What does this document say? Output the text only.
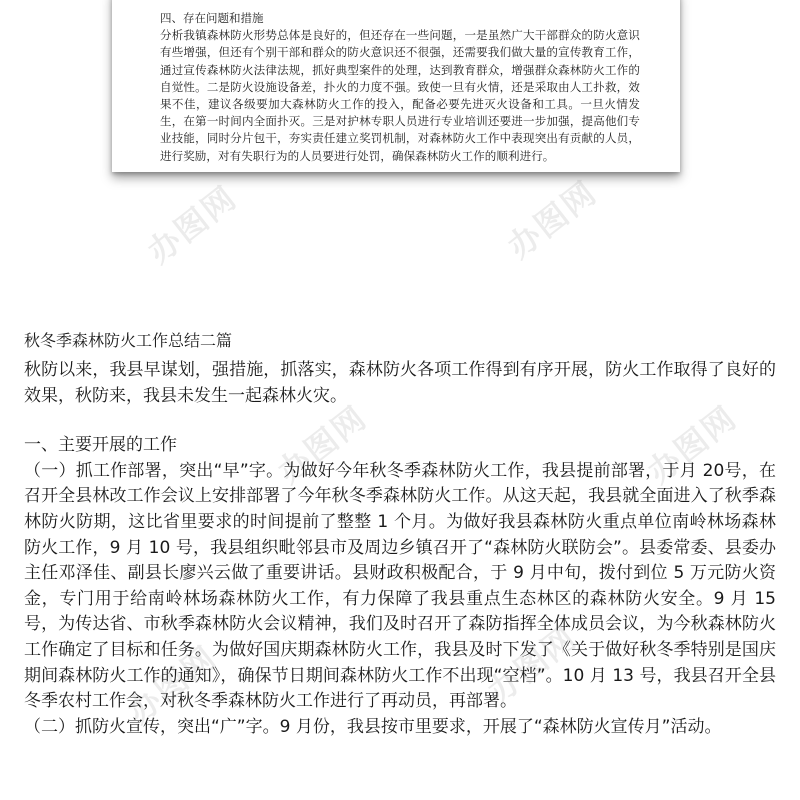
办图网	办图网
办图网	办图网
办图网	办图网
四、存在问题和措施
分析我镇森林防火形势总体是良好的，但还存在一些问题，一是虽然广大干部群众的防火意识有些增强，但还有个别干部和群众的防火意识还不很强，还需要我们做大量的宣传教育工作，通过宣传森林防火法律法规，抓好典型案件的处理，达到教育群众，增强群众森林防火工作的自觉性。二是防火设施设备差，扑火的力度不强。致使一旦有火情，还是采取由人工扑救，效果不佳，建议各级要加大森林防火工作的投入，配备必要先进灭火设备和工具。一旦火情发生，在第一时间内全面扑灭。三是对护林专职人员进行专业培训还要进一步加强，提高他们专业技能，同时分片包干，夯实责任建立奖罚机制，对森林防火工作中表现突出有贡献的人员，进行奖励，对有失职行为的人员要进行处罚，确保森林防火工作的顺利进行。
秋冬季森林防火工作总结二篇

秋防以来，我县早谋划，强措施，抓落实，森林防火各项工作得到有序开展，防火工作取得了良好的效果，秋防来，我县未发生一起森林火灾。

一、主要开展的工作

（一）抓工作部署，突出“早”字。为做好今年秋冬季森林防火工作，我县提前部署，于月 20号，在召开全县林改工作会议上安排部署了今年秋冬季森林防火工作。从这天起，我县就全面进入了秋季森林防火防期，这比省里要求的时间提前了整整 1 个月。为做好我县森林防火重点单位南岭林场森林防火工作，9 月 10 号，我县组织毗邻县市及周边乡镇召开了“森林防火联防会”。县委常委、县委办主任邓泽佳、副县长廖兴云做了重要讲话。县财政积极配合，于 9 月中旬，拨付到位 5 万元防火资金，专门用于给南岭林场森林防火工作，有力保障了我县重点生态林区的森林防火安全。9 月 15 号，为传达省、市秋季森林防火会议精神，我们及时召开了森防指挥全体成员会议，为今秋森林防火工作确定了目标和任务。为做好国庆期森林防火工作，我县及时下发了《关于做好秋冬季特别是国庆期间森林防火工作的通知》，确保节日期间森林防火工作不出现“空档”。10 月 13 号，我县召开全县冬季农村工作会，对秋冬季森林防火工作进行了再动员，再部署。

（二）抓防火宣传，突出“广”字。9 月份，我县按市里要求，开展了“森林防火宣传月”活动。
